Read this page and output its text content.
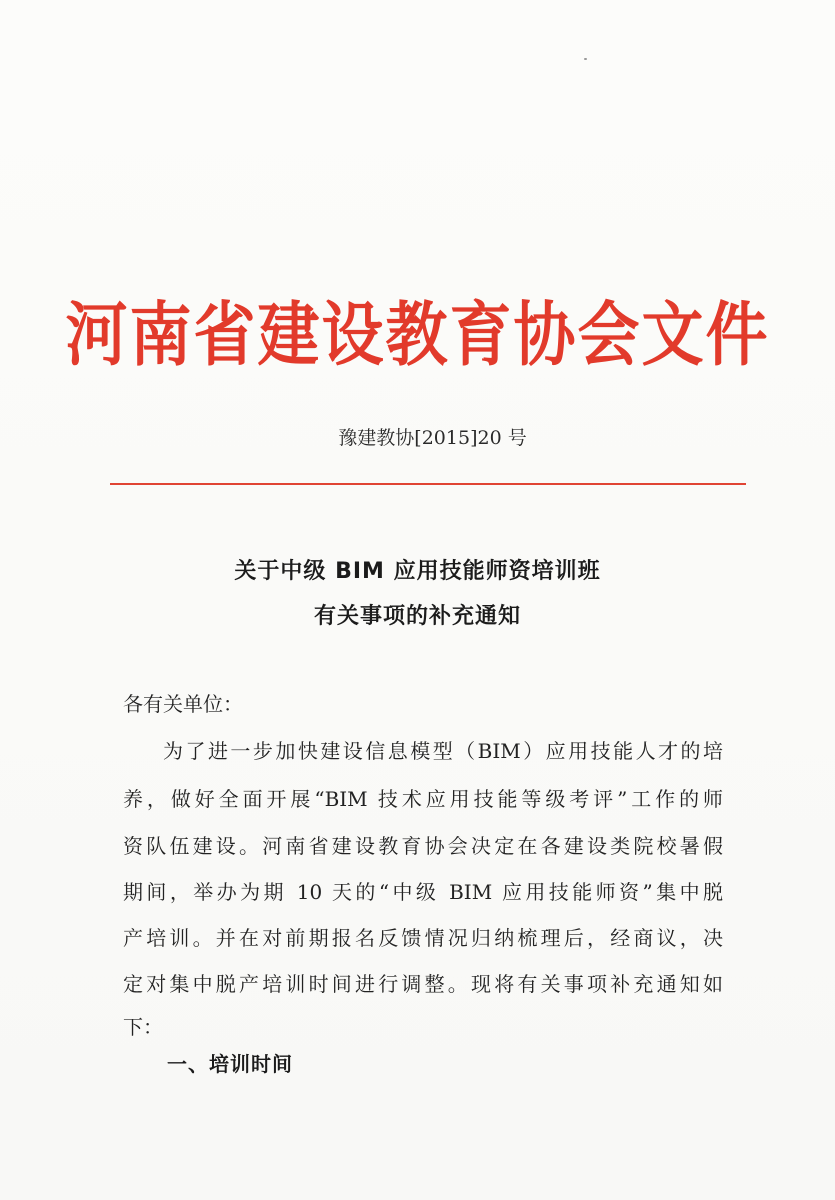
河南省建设教育协会文件
豫建教协[2015]20 号
关于中级 BIM 应用技能师资培训班
有关事项的补充通知
各有关单位：
为了进一步加快建设信息模型（BIM）应用技能人才的培
养，做好全面开展“BIM 技术应用技能等级考评”工作的师
资队伍建设。河南省建设教育协会决定在各建设类院校暑假
期间，举办为期 10 天的“中级 BIM 应用技能师资”集中脱
产培训。并在对前期报名反馈情况归纳梳理后，经商议，决
定对集中脱产培训时间进行调整。现将有关事项补充通知如
下：
一、培训时间
